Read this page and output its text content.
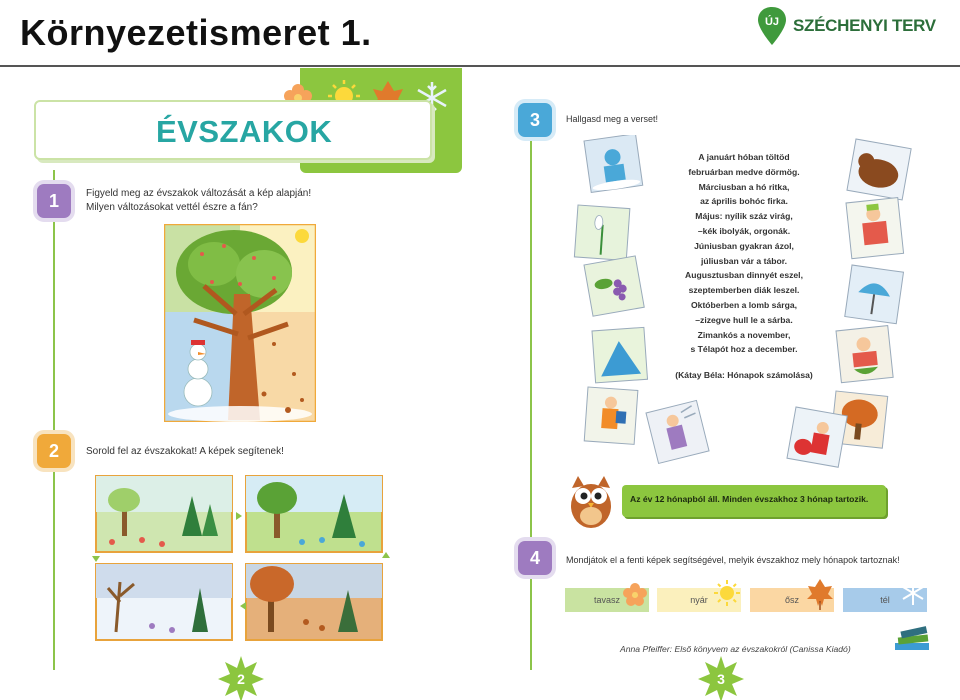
Környezetismeret 1.	ÚJ SZÉCHENYI TERV
ÉVSZAKOK
1	Figyeld meg az évszakok változását a kép alapján!
Milyen változásokat vettél észre a fán?
2	Sorold fel az évszakokat! A képek segítenek!
2
3	Hallgasd meg a verset!
A januárt hóban töltöd
februárban medve dörmög.
Márciusban a hó ritka,
az április bohóc firka.
Május: nyílik száz virág,
–kék ibolyák, orgonák.
Júniusban gyakran ázol,
júliusban vár a tábor.
Augusztusban dinnyét eszel,
szeptemberben diák leszel.
Októberben a lomb sárga,
–zizegve hull le a sárba.
Zimankós a november,
s Télapót hoz a december.
(Kátay Béla: Hónapok számolása)
Az év 12 hónapból áll. Minden évszakhoz 3 hónap tartozik.
4	Mondjátok el a fenti képek segítségével, melyik évszakhoz mely hónapok tartoznak!
tavasz	nyár	ősz	tél
Anna Pfeiffer: Első könyvem az évszakokról (Canissa Kiadó)
3
